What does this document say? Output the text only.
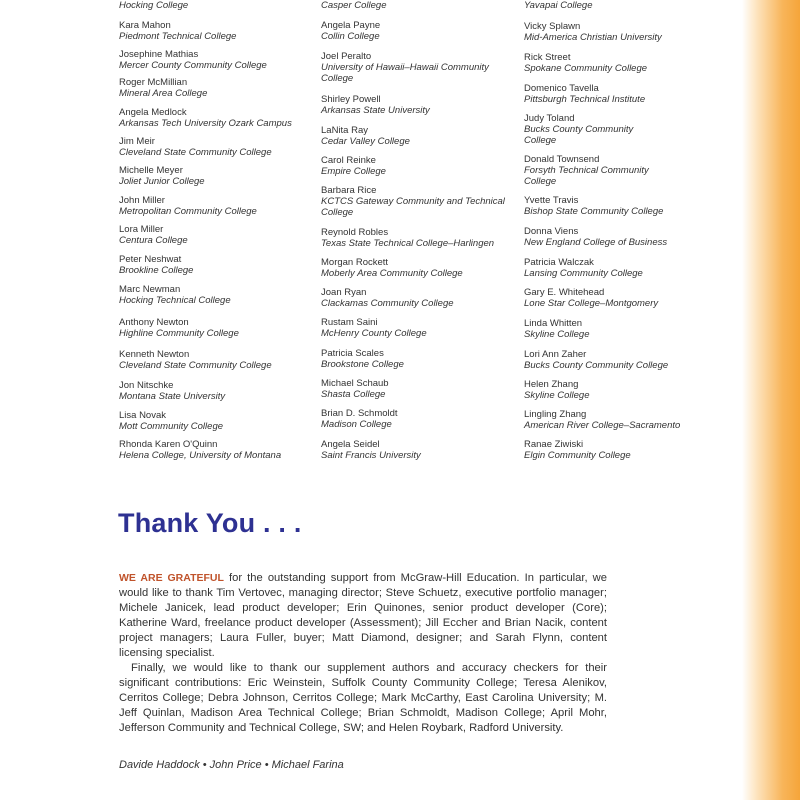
Hocking College
Kara Mahon
Piedmont Technical College
Josephine Mathias
Mercer County Community College
Roger McMillian
Mineral Area College
Angela Medlock
Arkansas Tech University Ozark Campus
Jim Meir
Cleveland State Community College
Michelle Meyer
Joliet Junior College
John Miller
Metropolitan Community College
Lora Miller
Centura College
Peter Neshwat
Brookline College
Marc Newman
Hocking Technical College
Anthony Newton
Highline Community College
Kenneth Newton
Cleveland State Community College
Jon Nitschke
Montana State University
Lisa Novak
Mott Community College
Rhonda Karen O'Quinn
Helena College, University of Montana
Casper College
Angela Payne
Collin College
Joel Peralto
University of Hawaii–Hawaii Community College
Shirley Powell
Arkansas State University
LaNita Ray
Cedar Valley College
Carol Reinke
Empire College
Barbara Rice
KCTCS Gateway Community and Technical College
Reynold Robles
Texas State Technical College–Harlingen
Morgan Rockett
Moberly Area Community College
Joan Ryan
Clackamas Community College
Rustam Saini
McHenry County College
Patricia Scales
Brookstone College
Michael Schaub
Shasta College
Brian D. Schmoldt
Madison College
Angela Seidel
Saint Francis University
Yavapai College
Vicky Splawn
Mid-America Christian University
Rick Street
Spokane Community College
Domenico Tavella
Pittsburgh Technical Institute
Judy Toland
Bucks County Community College
Donald Townsend
Forsyth Technical Community College
Yvette Travis
Bishop State Community College
Donna Viens
New England College of Business
Patricia Walczak
Lansing Community College
Gary E. Whitehead
Lone Star College–Montgomery
Linda Whitten
Skyline College
Lori Ann Zaher
Bucks County Community College
Helen Zhang
Skyline College
Lingling Zhang
American River College–Sacramento
Ranae Ziwiski
Elgin Community College
Thank You . . .

WE ARE GRATEFUL for the outstanding support from McGraw-Hill Education. In particular, we would like to thank Tim Vertovec, managing director; Steve Schuetz, executive portfolio manager; Michele Janicek, lead product developer; Erin Quinones, senior product developer (Core); Katherine Ward, freelance product developer (Assessment); Jill Eccher and Brian Nacik, content project managers; Laura Fuller, buyer; Matt Diamond, designer; and Sarah Flynn, content licensing specialist.

Finally, we would like to thank our supplement authors and accuracy checkers for their significant contributions: Eric Weinstein, Suffolk County Community College; Teresa Alenikov, Cerritos College; Debra Johnson, Cerritos College; Mark McCarthy, East Carolina University; M. Jeff Quinlan, Madison Area Technical College; Brian Schmoldt, Madison College; April Mohr, Jefferson Community and Technical College, SW; and Helen Roybark, Radford University.

Davide Haddock • John Price • Michael Farina
